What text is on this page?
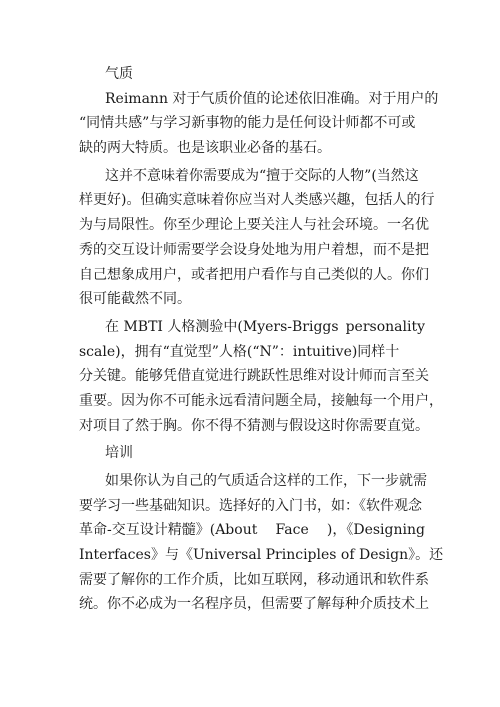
气质
Reimann 对于气质价值的论述依旧准确。对于用户的
“同情共感”与学习新事物的能力是任何设计师都不可或
缺的两大特质。也是该职业必备的基石。
这并不意味着你需要成为“擅于交际的人物”(当然这
样更好)。但确实意味着你应当对人类感兴趣，包括人的行
为与局限性。你至少理论上要关注人与社会环境。一名优
秀的交互设计师需要学会设身处地为用户着想，而不是把
自己想象成用户，或者把用户看作与自己类似的人。你们
很可能截然不同。
在 MBTI 人格测验中(Myers-Briggs personality
scale)，拥有“直觉型”人格(“N”：intuitive)同样十
分关键。能够凭借直觉进行跳跃性思维对设计师而言至关
重要。因为你不可能永远看清问题全局，接触每一个用户，
对项目了然于胸。你不得不猜测与假设这时你需要直觉。
培训
如果你认为自己的气质适合这样的工作，下一步就需
要学习一些基础知识。选择好的入门书，如：《软件观念
革命-交互设计精髓》(About Face )，《Designing
Interfaces》与《Universal Principles of Design》。还
需要了解你的工作介质，比如互联网，移动通讯和软件系
统。你不必成为一名程序员，但需要了解每种介质技术上
